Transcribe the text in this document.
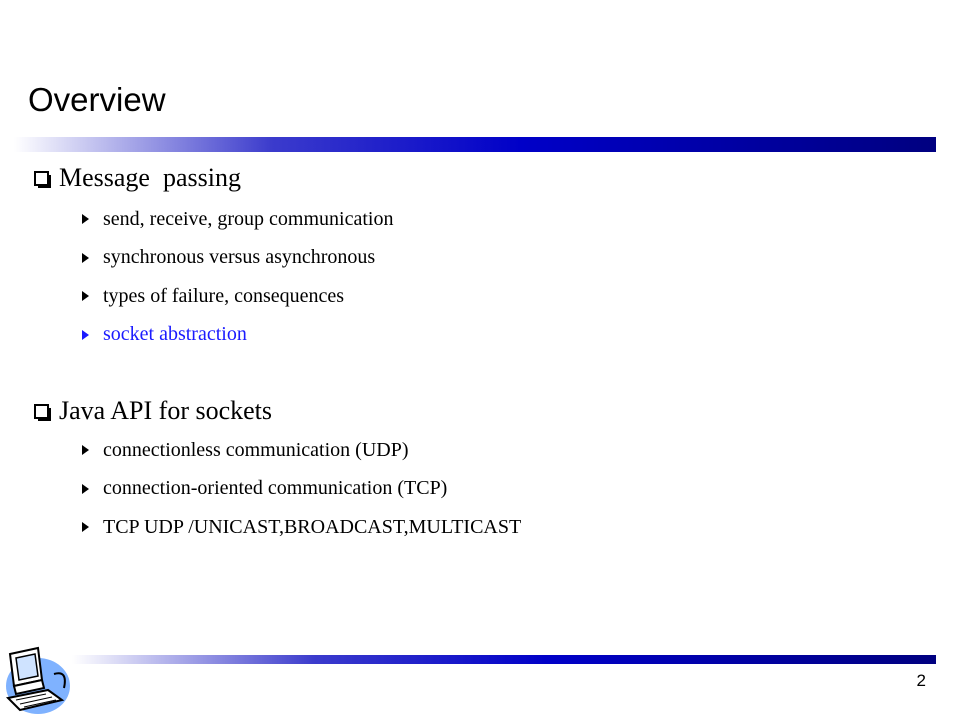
Overview
Message  passing
send, receive, group communication
synchronous versus asynchronous
types of failure, consequences
socket abstraction
Java API for sockets
connectionless communication (UDP)
connection-oriented communication (TCP)
TCP UDP /UNICAST,BROADCAST,MULTICAST
2
